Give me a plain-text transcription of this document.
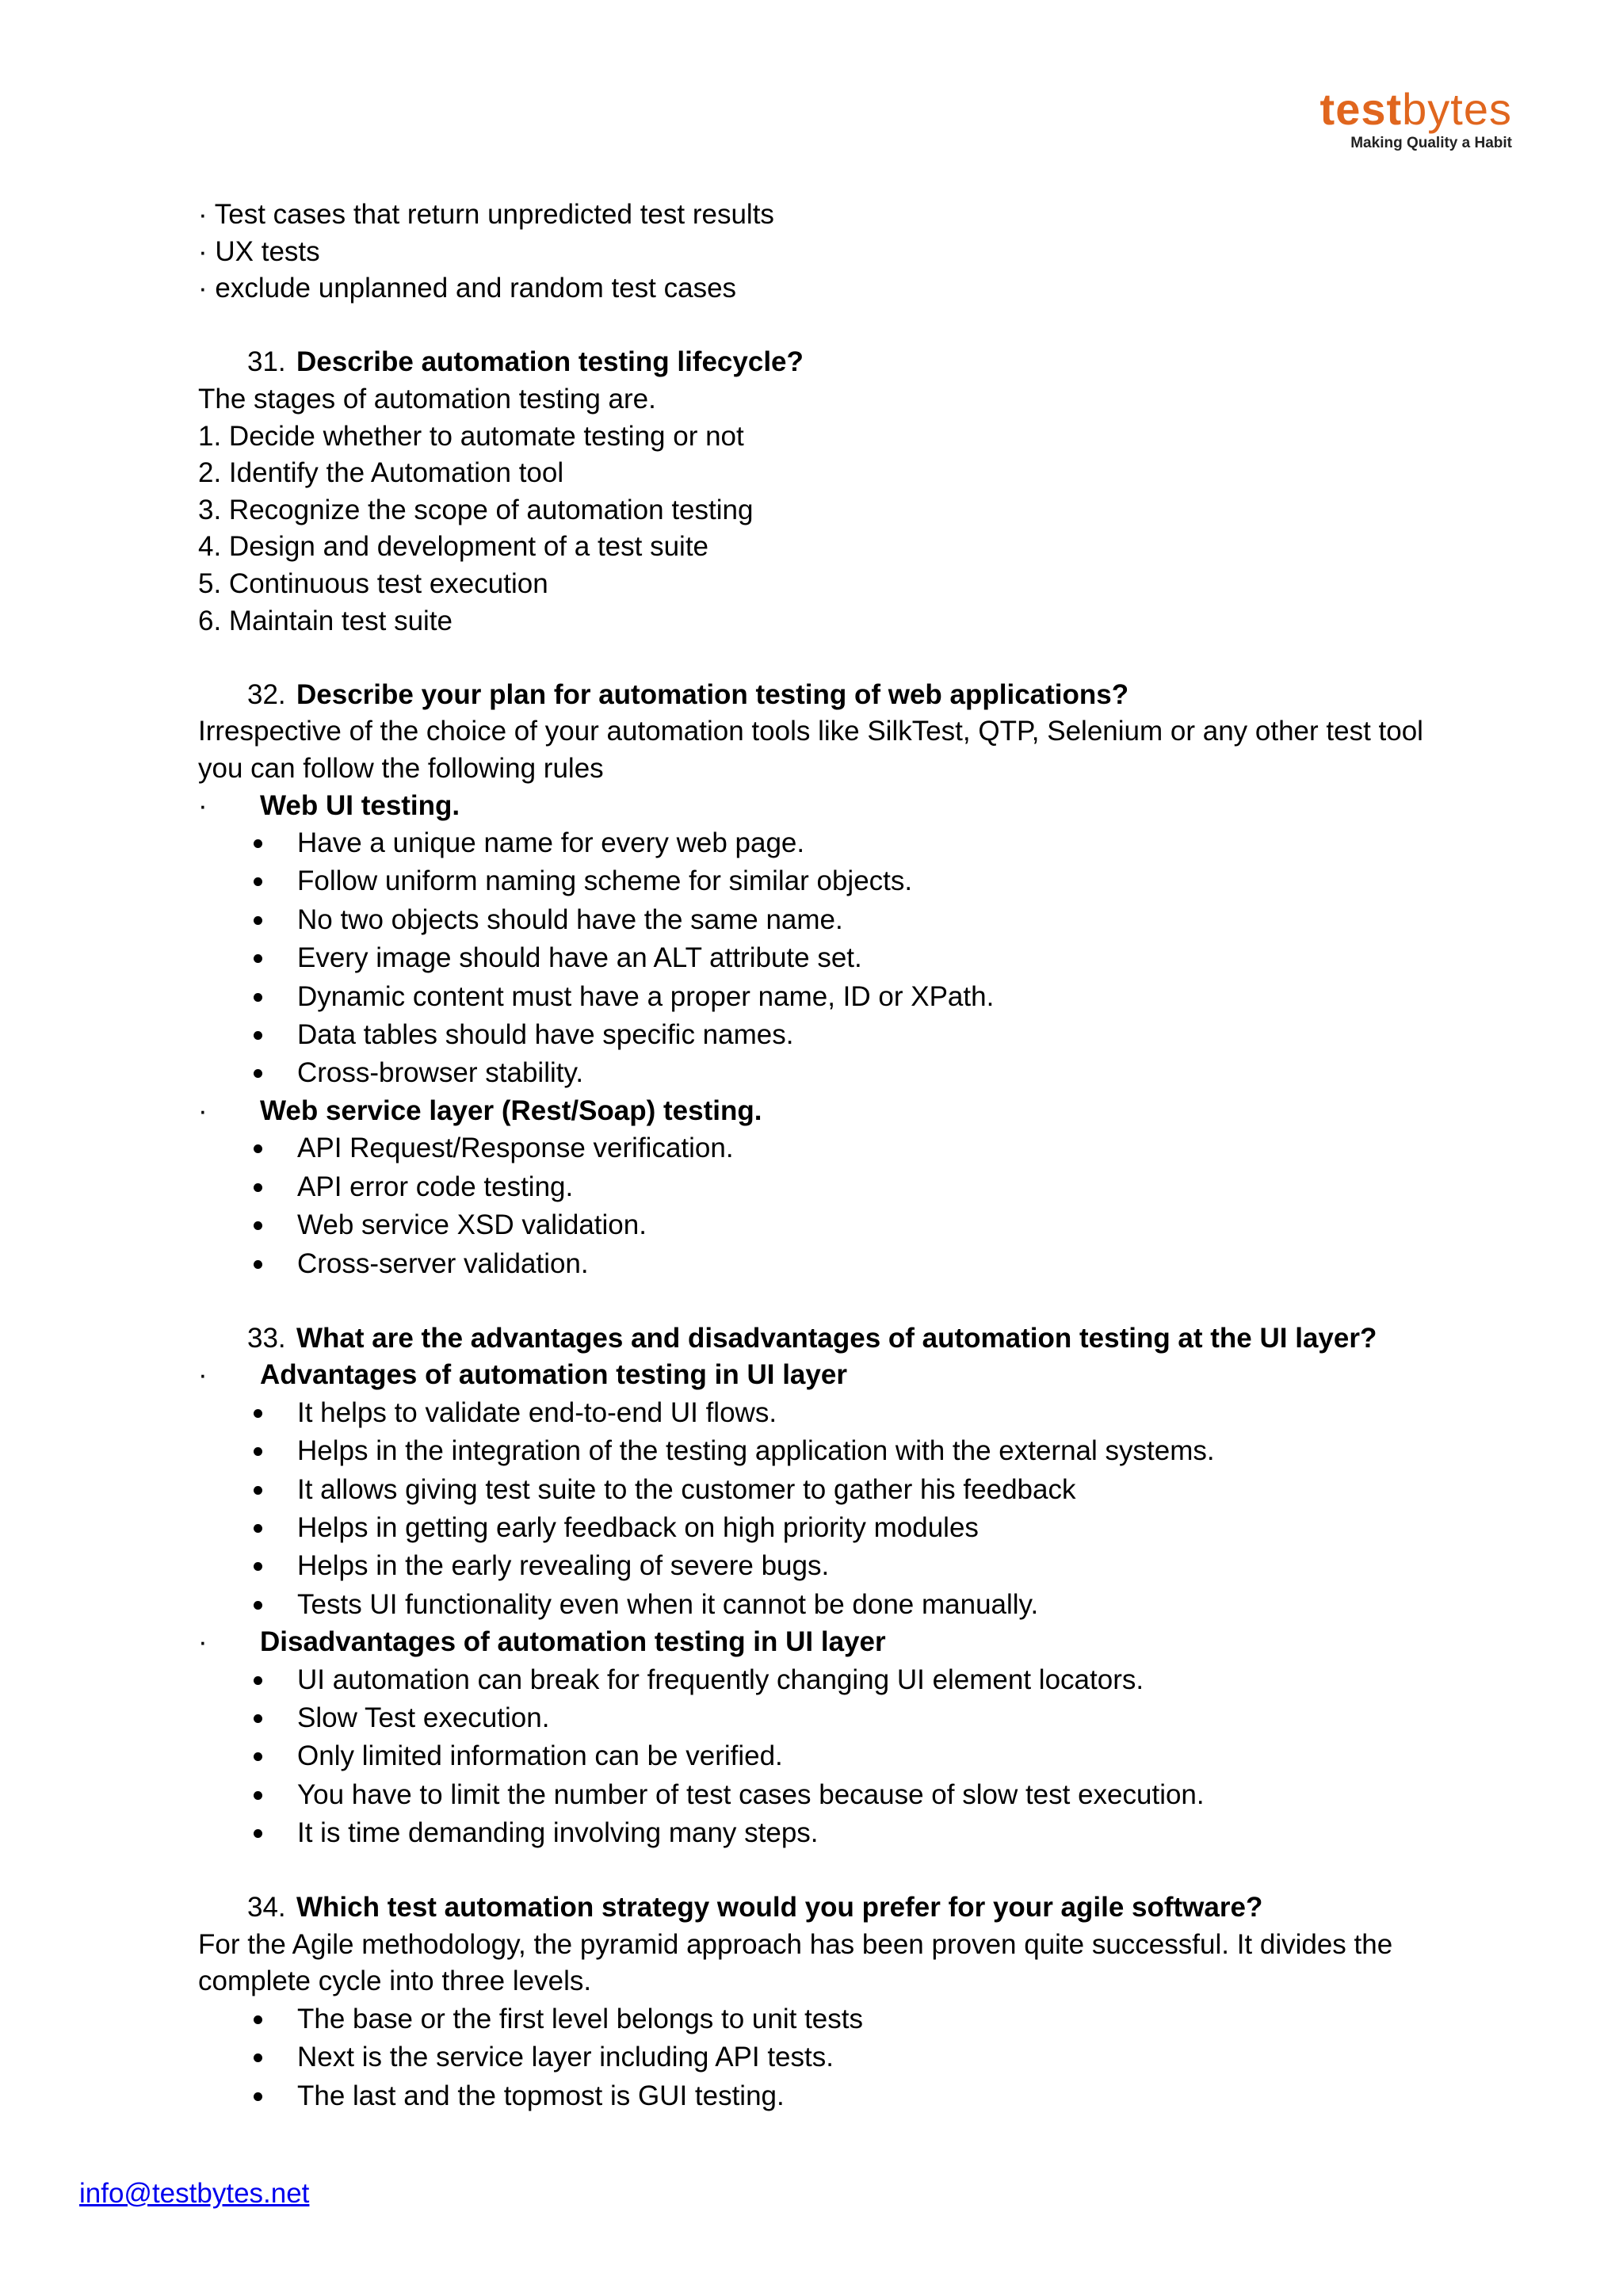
testbytes
Making Quality a Habit
· Test cases that return unpredicted test results
· UX tests
· exclude unplanned and random test cases
31. Describe automation testing lifecycle?
The stages of automation testing are.
1. Decide whether to automate testing or not
2. Identify the Automation tool
3. Recognize the scope of automation testing
4. Design and development of a test suite
5. Continuous test execution
6. Maintain test suite
32. Describe your plan for automation testing of web applications?
Irrespective of the choice of your automation tools like SilkTest, QTP, Selenium or any other test tool
you can follow the following rules
· Web UI testing.
Have a unique name for every web page.
Follow uniform naming scheme for similar objects.
No two objects should have the same name.
Every image should have an ALT attribute set.
Dynamic content must have a proper name, ID or XPath.
Data tables should have specific names.
Cross-browser stability.
· Web service layer (Rest/Soap) testing.
API Request/Response verification.
API error code testing.
Web service XSD validation.
Cross-server validation.
33. What are the advantages and disadvantages of automation testing at the UI layer?
· Advantages of automation testing in UI layer
It helps to validate end-to-end UI flows.
Helps in the integration of the testing application with the external systems.
It allows giving test suite to the customer to gather his feedback
Helps in getting early feedback on high priority modules
Helps in the early revealing of severe bugs.
Tests UI functionality even when it cannot be done manually.
· Disadvantages of automation testing in UI layer
UI automation can break for frequently changing UI element locators.
Slow Test execution.
Only limited information can be verified.
You have to limit the number of test cases because of slow test execution.
It is time demanding involving many steps.
34. Which test automation strategy would you prefer for your agile software?
For the Agile methodology, the pyramid approach has been proven quite successful. It divides the
complete cycle into three levels.
The base or the first level belongs to unit tests
Next is the service layer including API tests.
The last and the topmost is GUI testing.
info@testbytes.net
